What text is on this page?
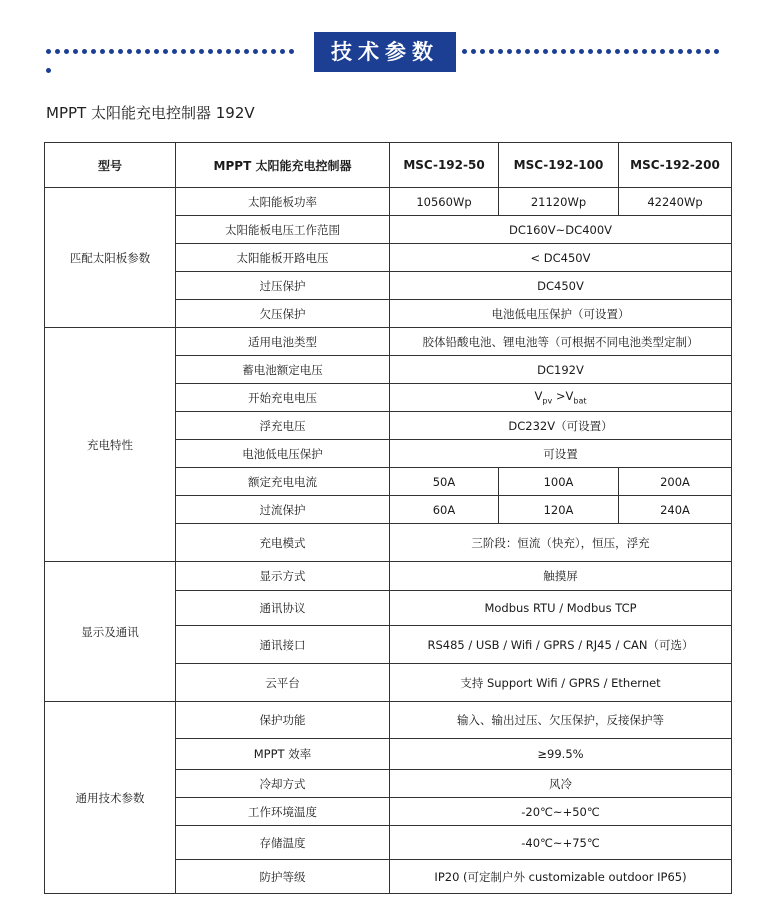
技术参数
MPPT 太阳能充电控制器 192V
型号	MPPT 太阳能充电控制器	MSC-192-50	MSC-192-100	MSC-192-200
匹配太阳板参数	太阳能板功率	10560Wp	21120Wp	42240Wp
	太阳能板电压工作范围	DC160V~DC400V		
	太阳能板开路电压	< DC450V		
	过压保护	DC450V		
	欠压保护	电池低电压保护（可设置）		
充电特性	适用电池类型	胶体铅酸电池、锂电池等（可根据不同电池类型定制）		
	蓄电池额定电压	DC192V		
	开始充电电压	$V_{pv} >V_{bat}$
	浮充电压	DC232V（可设置）		
	电池低电压保护	可设置		
	额定充电电流	50A	100A	200A
	过流保护	60A	120A	240A
	充电模式	三阶段：恒流（快充），恒压，浮充		
显示及通讯	显示方式	触摸屏		
	通讯协议	Modbus RTU / Modbus TCP		
	通讯接口	RS485 / USB / Wifi / GPRS / RJ45 / CAN（可选）		
	云平台	支持 Support Wifi / GPRS / Ethernet		
通用技术参数	保护功能	输入、输出过压、欠压保护，反接保护等		
	MPPT 效率	≥99.5%		
	冷却方式	风冷		
	工作环境温度	-20℃~+50℃		
	存储温度	-40℃~+75℃		
	防护等级	IP20 (可定制户外 customizable outdoor IP65)		
